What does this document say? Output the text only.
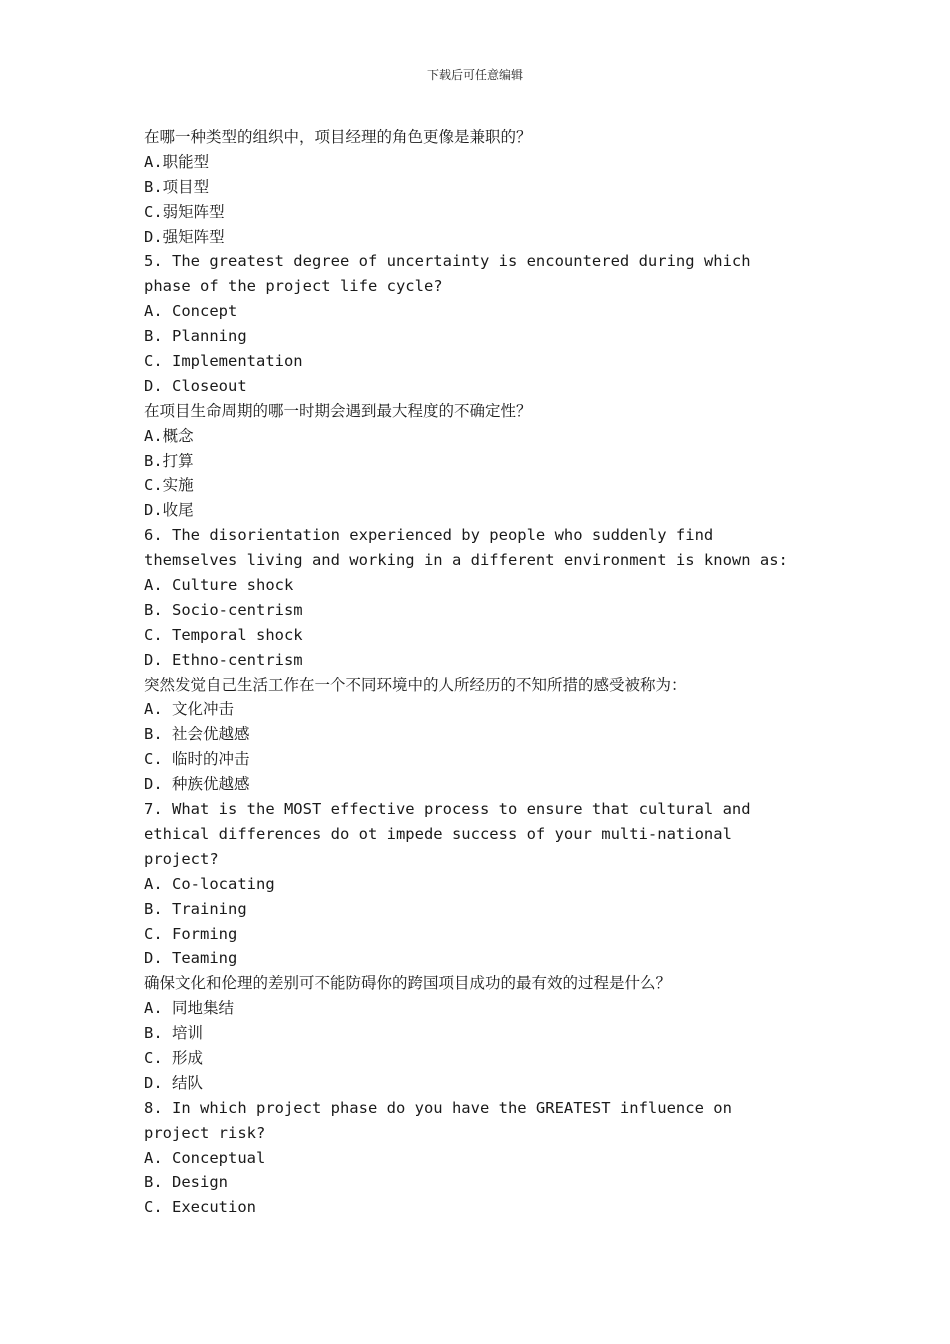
下载后可任意编辑
在哪一种类型的组织中，项目经理的角色更像是兼职的？
A.职能型
B.项目型
C.弱矩阵型
D.强矩阵型
5. The greatest degree of uncertainty is encountered during which
phase of the project life cycle?
A. Concept
B. Planning
C. Implementation
D. Closeout
在项目生命周期的哪一时期会遇到最大程度的不确定性？
A.概念
B.打算
C.实施
D.收尾
6. The disorientation experienced by people who suddenly find
themselves living and working in a different environment is known as:
A. Culture shock
B. Socio-centrism
C. Temporal shock
D. Ethno-centrism
突然发觉自己生活工作在一个不同环境中的人所经历的不知所措的感受被称为：
A. 文化冲击
B. 社会优越感
C. 临时的冲击
D. 种族优越感
7. What is the MOST effective process to ensure that cultural and
ethical differences do ot impede success of your multi-national
project?
A. Co-locating
B. Training
C. Forming
D. Teaming
确保文化和伦理的差别可不能防碍你的跨国项目成功的最有效的过程是什么？
A. 同地集结
B. 培训
C. 形成
D. 结队
8. In which project phase do you have the GREATEST influence on
project risk?
A. Conceptual
B. Design
C. Execution
